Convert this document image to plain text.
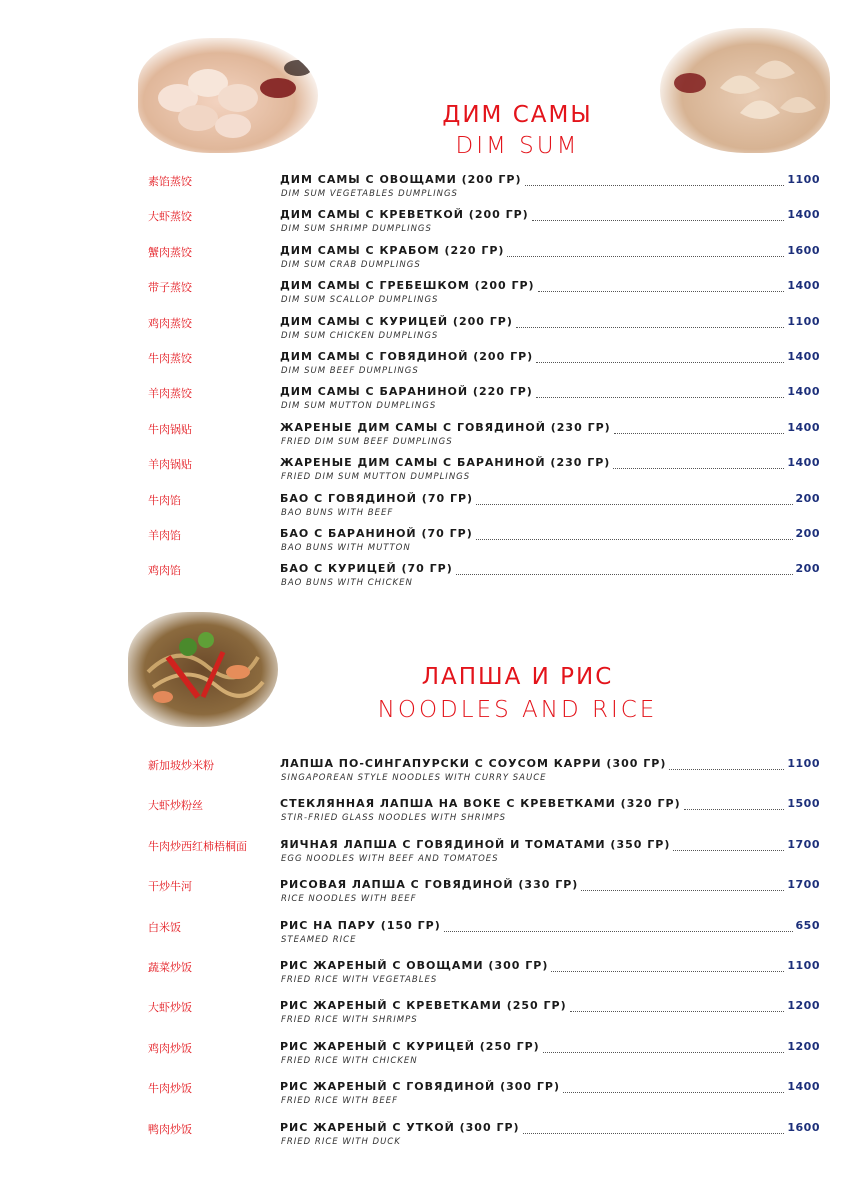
ДИМ САМЫ
DIM SUM
素馅蒸饺	ДИМ САМЫ С ОВОЩАМИ (200 ГР)	1100
DIM SUM VEGETABLES DUMPLINGS
大虾蒸饺	ДИМ САМЫ С КРЕВЕТКОЙ (200 ГР)	1400
DIM SUM SHRIMP DUMPLINGS
蟹肉蒸饺	ДИМ САМЫ С КРАБОМ (220 ГР)	1600
DIM SUM CRAB DUMPLINGS
带子蒸饺	ДИМ САМЫ С ГРЕБЕШКОМ (200 ГР)	1400
DIM SUM SCALLOP DUMPLINGS
鸡肉蒸饺	ДИМ САМЫ С КУРИЦЕЙ (200 ГР)	1100
DIM SUM CHICKEN DUMPLINGS
牛肉蒸饺	ДИМ САМЫ С ГОВЯДИНОЙ (200 ГР)	1400
DIM SUM BEEF DUMPLINGS
羊肉蒸饺	ДИМ САМЫ С БАРАНИНОЙ (220 ГР)	1400
DIM SUM MUTTON DUMPLINGS
牛肉锅贴	ЖАРЕНЫЕ ДИМ САМЫ С ГОВЯДИНОЙ (230 ГР)	1400
FRIED DIM SUM BEEF DUMPLINGS
羊肉锅贴	ЖАРЕНЫЕ ДИМ САМЫ С БАРАНИНОЙ (230 ГР)	1400
FRIED DIM SUM MUTTON DUMPLINGS
牛肉馅	БАО С ГОВЯДИНОЙ (70 ГР)	200
BAO BUNS WITH BEEF
羊肉馅	БАО С БАРАНИНОЙ (70 ГР)	200
BAO BUNS WITH MUTTON
鸡肉馅	БАО С КУРИЦЕЙ (70 ГР)	200
BAO BUNS WITH CHICKEN
ЛАПША И РИС
NOODLES AND RICE
新加坡炒米粉	ЛАПША ПО-СИНГАПУРСКИ С СОУСОМ КАРРИ (300 ГР)	1100
SINGAPOREAN STYLE NOODLES WITH CURRY SAUCE
大虾炒粉丝	СТЕКЛЯННАЯ ЛАПША НА ВОКЕ С КРЕВЕТКАМИ (320 ГР)	1500
STIR-FRIED GLASS NOODLES WITH SHRIMPS
牛肉炒西红柿梧桐面	ЯИЧНАЯ ЛАПША С ГОВЯДИНОЙ И ТОМАТАМИ (350 ГР)	1700
EGG NOODLES WITH BEEF AND TOMATOES
干炒牛河	РИСОВАЯ ЛАПША С ГОВЯДИНОЙ (330 ГР)	1700
RICE NOODLES WITH BEEF
白米饭	РИС НА ПАРУ (150 ГР)	650
STEAMED RICE
蔬菜炒饭	РИС ЖАРЕНЫЙ С ОВОЩАМИ (300 ГР)	1100
FRIED RICE WITH VEGETABLES
大虾炒饭	РИС ЖАРЕНЫЙ С КРЕВЕТКАМИ (250 ГР)	1200
FRIED RICE WITH SHRIMPS
鸡肉炒饭	РИС ЖАРЕНЫЙ С КУРИЦЕЙ (250 ГР)	1200
FRIED RICE WITH CHICKEN
牛肉炒饭	РИС ЖАРЕНЫЙ С ГОВЯДИНОЙ (300 ГР)	1400
FRIED RICE WITH BEEF
鸭肉炒饭	РИС ЖАРЕНЫЙ С УТКОЙ (300 ГР)	1600
FRIED RICE WITH DUCK
